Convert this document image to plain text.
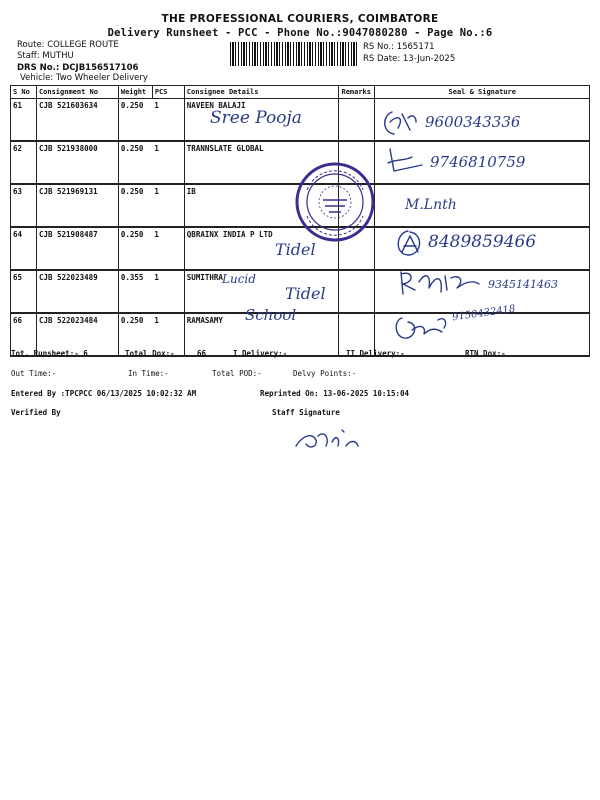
THE PROFESSIONAL COURIERS, COIMBATORE
Delivery Runsheet - PCC - Phone No.:9047080280 - Page No.:6
Route: COLLEGE ROUTE
Staff: MUTHU
DRS No.: DCJB156517106
Vehicle: Two Wheeler Delivery
RS No.: 1565171
RS Date: 13-Jun-2025
S No	Consignment No	Weight	PCS	Consignee Details	Remarks	Seal & Signature
61	CJB 521603634	0.250	1	NAVEEN BALAJI		
62	CJB 521938000	0.250	1	TRANNSLATE GLOBAL		
63	CJB 521969131	0.250	1	IB		
64	CJB 521908487	0.250	1	QBRAINX INDIA P LTD		
65	CJB 522023489	0.355	1	SUMITHRA		
66	CJB 522023484	0.250	1	RAMASAMY		
Sree Pooja	9600343336
9746810759
M.Lnth
Tidel	8489859466
Lucid
Tidel	9345141463
School	9150432418
Tot. Runsheet:- 6	Total Dox:-	66	I Delivery:-	II Delivery:-	RTN Dox:-
Out Time:-	In Time:-	Total POD:-	Delvy Points:-
Entered By :TPCPCC 06/13/2025 10:02:32 AM	Reprinted On: 13-06-2025 10:15:04
Verified By	Staff Signature
